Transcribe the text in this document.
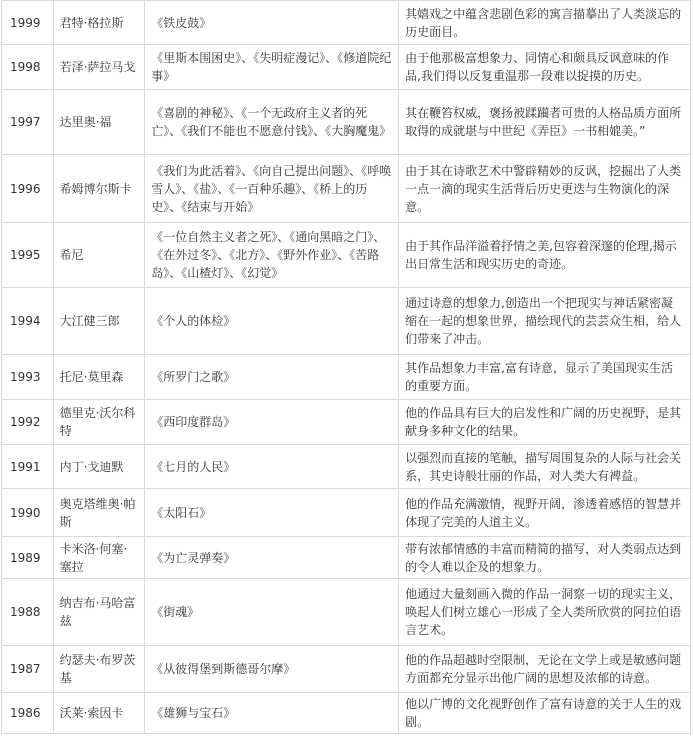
1999	君特·格拉斯	《铁皮鼓》	其嬉戏之中蕴含悲剧色彩的寓言描摹出了人类淡忘的历史面目。
1998	若泽·萨拉马戈	《里斯本围困史》、《失明症漫记》、《修道院纪事》	由于他那极富想象力、同情心和颇具反讽意味的作品,我们得以反复重温那一段难以捉摸的历史。
1997	达里奥·福	《喜剧的神秘》、《一个无政府主义者的死亡》、《我们不能也不愿意付钱》、《大胸魔鬼》	其在鞭笞权威，褒扬被蹂躏者可贵的人格品质方面所取得的成就堪与中世纪《弄臣》一书相媲美。”
1996	希姆博尔斯卡	《我们为此活着》、《向自己提出问题》、《呼唤雪人》、《盐》、《一百种乐趣》、《桥上的历史》、《结束与开始》	由于其在诗歌艺术中警辟精妙的反讽，挖掘出了人类一点一滴的现实生活背后历史更迭与生物演化的深意。
1995	希尼	《一位自然主义者之死》、《通向黑暗之门》、《在外过冬》、《北方》、《野外作业》、《苦路岛》、《山楂灯》、《幻觉》	由于其作品洋溢着抒情之美,包容着深邃的伦理,揭示出日常生活和现实历史的奇迹。
1994	大江健三郎	《个人的体检》	通过诗意的想象力,创造出一个把现实与神话紧密凝缩在一起的想象世界，描绘现代的芸芸众生相，给人们带来了冲击。
1993	托尼·莫里森	《所罗门之歌》	其作品想象力丰富,富有诗意，显示了美国现实生活的重要方面。
1992	德里克·沃尔科特	《西印度群岛》	他的作品具有巨大的启发性和广阔的历史视野，是其献身多种文化的结果。
1991	内丁·戈迪默	《七月的人民》	以强烈而直接的笔触，描写周围复杂的人际与社会关系，其史诗般壮丽的作品，对人类大有裨益。
1990	奥克塔维奥·帕斯	《太阳石》	他的作品充满激情，视野开阔，渗透着感悟的智慧并体现了完美的人道主义。
1989	卡米洛·何塞·塞拉	《为亡灵弹奏》	带有浓郁情感的丰富而精简的描写，对人类弱点达到的令人难以企及的想象力。
1988	纳吉布·马哈富兹	《街魂》	他通过大量刻画入微的作品一洞察一切的现实主义，唤起人们树立雄心一形成了全人类所欣赏的阿拉伯语言艺术。
1987	约瑟夫·布罗茨基	《从彼得堡到斯德哥尔摩》	他的作品超越时空限制，无论在文学上或是敏感问题方面都充分显示出他广阔的思想及浓郁的诗意。
1986	沃莱·索因卡	《雄狮与宝石》	他以广博的文化视野创作了富有诗意的关于人生的戏剧。
